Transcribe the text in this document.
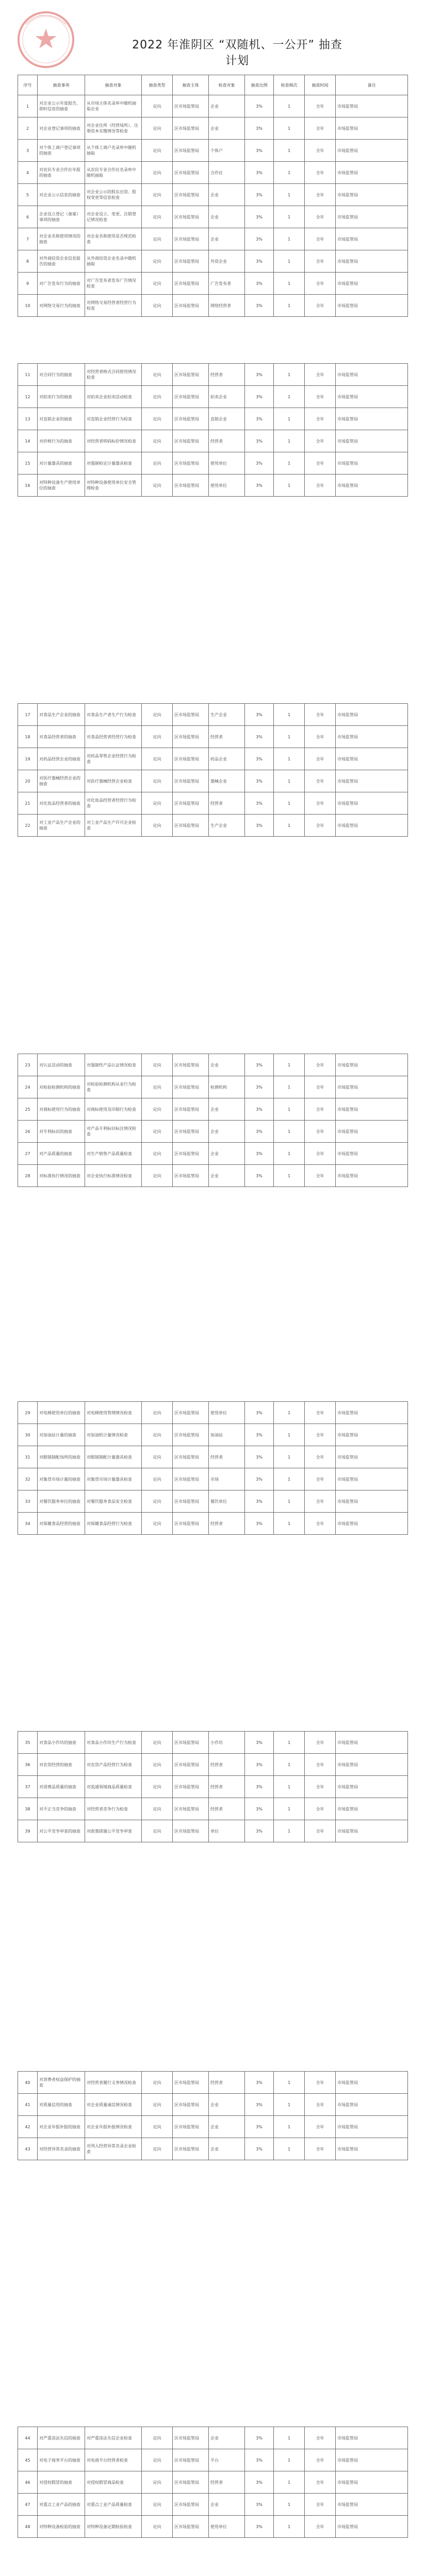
2022 年淮阴区 “双随机、一公开” 抽查计划
序号	抽查事项	抽查对象	抽查类型	抽查主体	检查对象	抽查比例	检查频次	抽查时间	备注
1	对企业公示年度报告、即时信息的抽查	从市场主体名录库中随机抽取企业	定向	区市场监管局	企业	3%	1	全年	市场监管局
2	对企业登记事项的抽查	对企业住所（经营场所）、注册资本实缴情况等检查	定向	区市场监管局	企业	3%	1	全年	市场监管局
3	对个体工商户登记事项的抽查	从个体工商户名录库中随机抽取	定向	区市场监管局	个体户	3%	1	全年	市场监管局
4	对农民专业合作社年报的抽查	从农民专业合作社名录库中随机抽取	定向	区市场监管局	合作社	3%	1	全年	市场监管局
5	对企业公示信息的抽查	对企业公示的股东出资、股权变更等信息检查	定向	区市场监管局	企业	3%	1	全年	市场监管局
6	企业设立登记（备案）事项的抽查	对企业设立、变更、注销登记情况检查	定向	区市场监管局	企业	3%	1	全年	市场监管局
7	对企业名称使用情况的抽查	对企业名称使用是否规范检查	定向	区市场监管局	企业	3%	1	全年	市场监管局
8	对外商投资企业信息报告的抽查	从外商投资企业名录中随机抽取	定向	区市场监管局	外资企业	3%	1	全年	市场监管局
9	对广告发布行为的抽查	对广告发布者发布广告情况检查	定向	区市场监管局	广告发布者	3%	1	全年	市场监管局
10	对网络交易行为的抽查	对网络交易经营者经营行为检查	定向	区市场监管局	网络经营者	3%	1	全年	市场监管局
11	对合同行为的抽查	对经营者格式合同使用情况检查	定向	区市场监管局	经营者	3%	1	全年	市场监管局
12	对拍卖行为的抽查	对拍卖企业拍卖活动检查	定向	区市场监管局	拍卖企业	3%	1	全年	市场监管局
13	对直销企业的抽查	对直销企业经营行为检查	定向	区市场监管局	直销企业	3%	1	全年	市场监管局
14	对价格行为的抽查	对经营者明码标价情况检查	定向	区市场监管局	经营者	3%	1	全年	市场监管局
15	对计量器具的抽查	对强制检定计量器具检查	定向	区市场监管局	使用单位	3%	1	全年	市场监管局
16	对特种设备生产使用单位的抽查	对特种设备使用单位安全管理检查	定向	区市场监管局	使用单位	3%	1	全年	市场监管局
17	对食品生产企业的抽查	对食品生产者生产行为检查	定向	区市场监管局	生产企业	3%	1	全年	市场监管局
18	对食品经营者的抽查	对食品经营者经营行为检查	定向	区市场监管局	经营者	3%	1	全年	市场监管局
19	对药品经营企业的抽查	对药品零售企业经营行为检查	定向	区市场监管局	药品企业	3%	1	全年	市场监管局
20	对医疗器械经营企业的抽查	对医疗器械经营企业检查	定向	区市场监管局	器械企业	3%	1	全年	市场监管局
21	对化妆品经营者的抽查	对化妆品经营者经营行为检查	定向	区市场监管局	经营者	3%	1	全年	市场监管局
22	对工业产品生产企业的抽查	对工业产品生产许可企业检查	定向	区市场监管局	生产企业	3%	1	全年	市场监管局
23	对认证活动的抽查	对强制性产品认证情况检查	定向	区市场监管局	企业	3%	1	全年	市场监管局
24	对检验检测机构的抽查	对检验检测机构从业行为检查	定向	区市场监管局	检测机构	3%	1	全年	市场监管局
25	对商标使用行为的抽查	对商标使用及印制行为检查	定向	区市场监管局	企业	3%	1	全年	市场监管局
26	对专利标识的抽查	对产品专利标识标注情况检查	定向	区市场监管局	企业	3%	1	全年	市场监管局
27	对产品质量的抽查	对生产销售产品质量检查	定向	区市场监管局	企业	3%	1	全年	市场监管局
28	对标准执行情况的抽查	对企业执行标准情况检查	定向	区市场监管局	企业	3%	1	全年	市场监管局
29	对电梯使用单位的抽查	对电梯使用管理情况检查	定向	区市场监管局	使用单位	3%	1	全年	市场监管局
30	对加油站计量的抽查	对加油机计量情况检查	定向	区市场监管局	加油站	3%	1	全年	市场监管局
31	对眼镜制配场所的抽查	对眼镜制配计量器具检查	定向	区市场监管局	经营者	3%	1	全年	市场监管局
32	对集贸市场计量的抽查	对集贸市场计量器具检查	定向	区市场监管局	市场	3%	1	全年	市场监管局
33	对餐饮服务单位的抽查	对餐饮服务食品安全检查	定向	区市场监管局	餐饮单位	3%	1	全年	市场监管局
34	对保健食品经营的抽查	对保健食品经营行为检查	定向	区市场监管局	经营者	3%	1	全年	市场监管局
35	对食品小作坊的抽查	对食品小作坊生产行为检查	定向	区市场监管局	小作坊	3%	1	全年	市场监管局
36	对农资经营的抽查	对农资产品经营行为检查	定向	区市场监管局	经营者	3%	1	全年	市场监管局
37	对消费品质量的抽查	对流通领域商品质量检查	定向	区市场监管局	经营者	3%	1	全年	市场监管局
38	对不正当竞争的抽查	对经营者竞争行为检查	定向	区市场监管局	经营者	3%	1	全年	市场监管局
39	对公平竞争审查的抽查	对政策措施公平竞争审查	定向	区市场监管局	单位	3%	1	全年	市场监管局
40	对消费者权益保护的抽查	对经营者履行义务情况检查	定向	区市场监管局	经营者	3%	1	全年	市场监管局
41	对质量信用的抽查	对企业质量诚信情况检查	定向	区市场监管局	企业	3%	1	全年	市场监管局
42	对企业年报补报的抽查	对企业年报补报情况检查	定向	区市场监管局	企业	3%	1	全年	市场监管局
43	对经营异常名录的抽查	对列入经营异常名录企业检查	定向	区市场监管局	企业	3%	1	全年	市场监管局
44	对严重违法失信的抽查	对严重违法失信企业检查	定向	区市场监管局	企业	3%	1	全年	市场监管局
45	对电子商务平台的抽查	对电商平台经营者检查	定向	区市场监管局	平台	3%	1	全年	市场监管局
46	对侵权假冒的抽查	对侵权假冒商品检查	定向	区市场监管局	经营者	3%	1	全年	市场监管局
47	对重点工业产品的抽查	对重点工业产品质量检查	定向	区市场监管局	企业	3%	1	全年	市场监管局
48	对特种设备检验的抽查	对特种设备定期检验检查	定向	区市场监管局	使用单位	3%	1	全年	市场监管局
